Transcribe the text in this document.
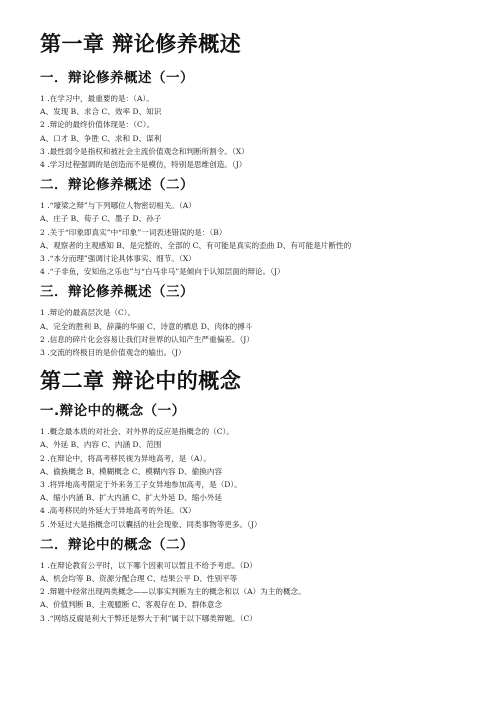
第一章 辩论修养概述
一．辩论修养概述（一）
1 .在学习中，最重要的是：（A）。
A、发现 B、求合 C、效率 D、知识
2 .辩论的最终价值体现是：（C）。
A、口才 B、争胜 C、求和 D、谋利
3 .最性弱令是指权和被社会主流价值观念和判断所割令。（X）
4 .学习过程强调的是创造而不是模仿，特别是思维创造。（J）
二．辩论修养概述（二）
1 .“壕梁之辩”与下列哪位人物密切相关。（A）
A、庄子 B、荀子 C、墨子 D、孙子
2 .关于“印象即真实”中“印象”一词表述错误的是：（B）
A、观察者的主观感知 B、是完整的、全部的 C、有可能是真实的歪曲 D、有可能是片断性的
3 .“本分而理”强调讨论具体事实、细节。（X）
4 .“子非鱼，安知鱼之乐也”与“白马非马”是倾向于认知层面的辩论。（J）
三．辩论修养概述（三）
1 .辩论的最高层次是（C）。
A、完全的胜利 B、辞藻的华丽 C、诗意的栖息 D、肉体的搏斗
2 .信息的碎片化会容易让我们对世界的认知产生严重偏差。（J）
3 .交流的终极目的是价值观念的输出。（J）
第二章 辩论中的概念
一.辩论中的概念（一）
1 .概念最本质的对社会、对外界的反应是指概念的（C）。
A、外延 B、内容 C、内涵 D、范围
2 .在辩论中，将高考移民视为异地高考，是（A）。
A、偷换概念 B、模糊概念 C、模糊内容 D、偷换内容
3 .将异地高考限定于外来务工子女异地参加高考，是（D）。
A、缩小内涵 B、扩大内涵 C、扩大外延 D、缩小外延
4 .高考移民的外延大于异地高考的外延。（X）
5 .外延过大是指概念可以囊括的社会现象、同类事物等更多。（J）
二．辩论中的概念（二）
1 .在辩论教育公平时，以下哪个因素可以暂且不给予考虑。（D）
A、机会均等 B、资源分配合理 C、结果公平 D、性别平等
2 .辩题中经常出现两类概念——以事实判断为主的概念和以（A）为主的概念。
A、价值判断 B、主观臆断 C、客观存在 D、群体意念
3 .“网络反腐是利大于弊还是弊大于利”属于以下哪类辩题。（C）
